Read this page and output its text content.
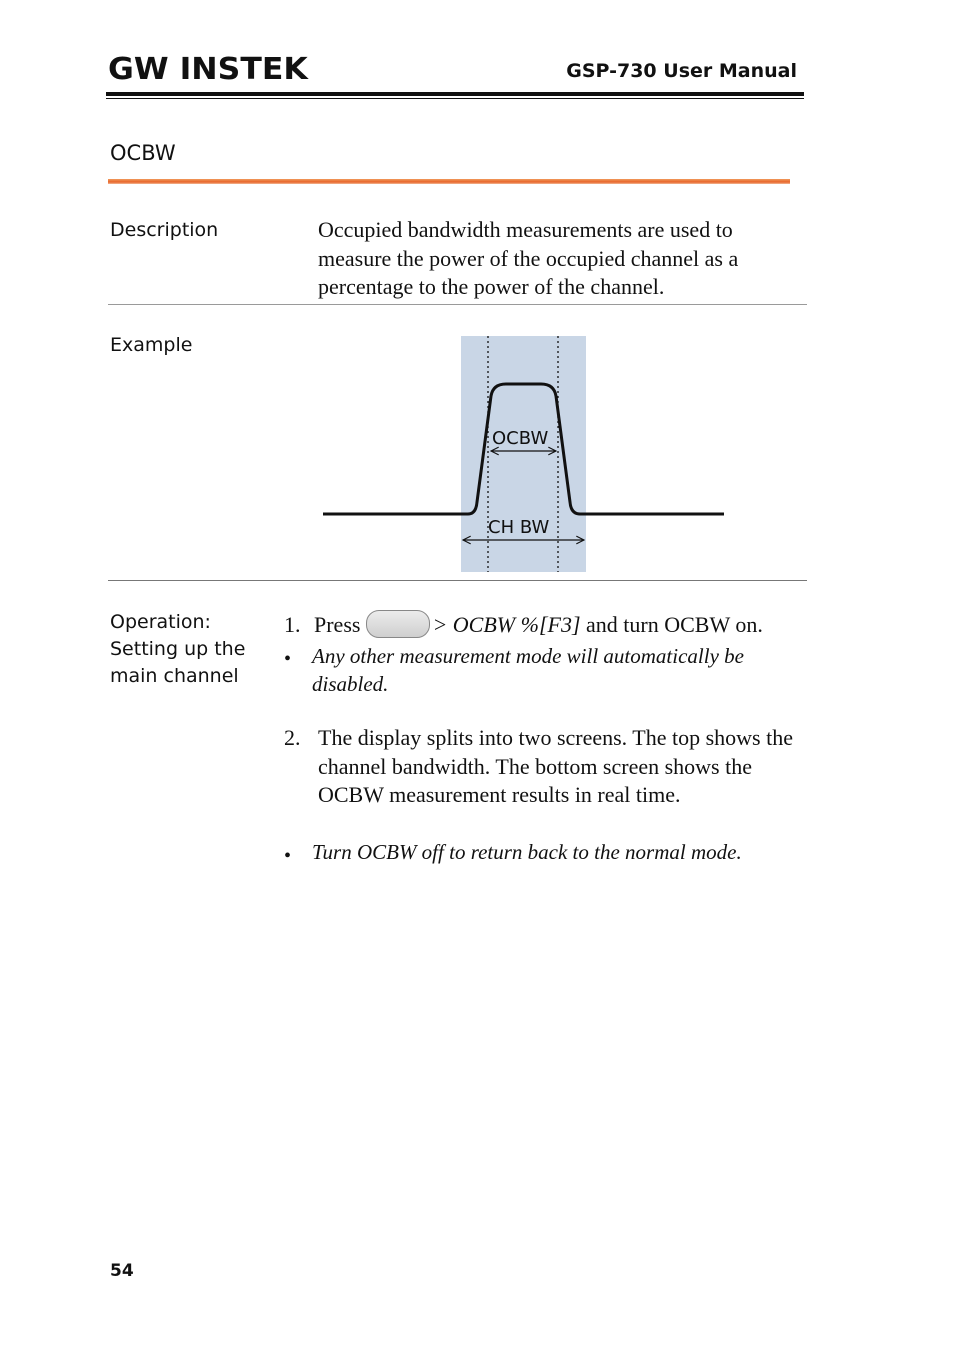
GW INSTEK	GSP-730 User Manual
OCBW
Description	Occupied bandwidth measurements are used to measure the power of the occupied channel as a percentage to the power of the channel.
Example
OCBW
CH BW
Operation:
Setting up the
main channel
1. Press	> OCBW %[F3] and turn OCBW on.
• Any other measurement mode will automatically be disabled.
2. The display splits into two screens. The top shows the channel bandwidth. The bottom screen shows the OCBW measurement results in real time.
• Turn OCBW off to return back to the normal mode.
54
